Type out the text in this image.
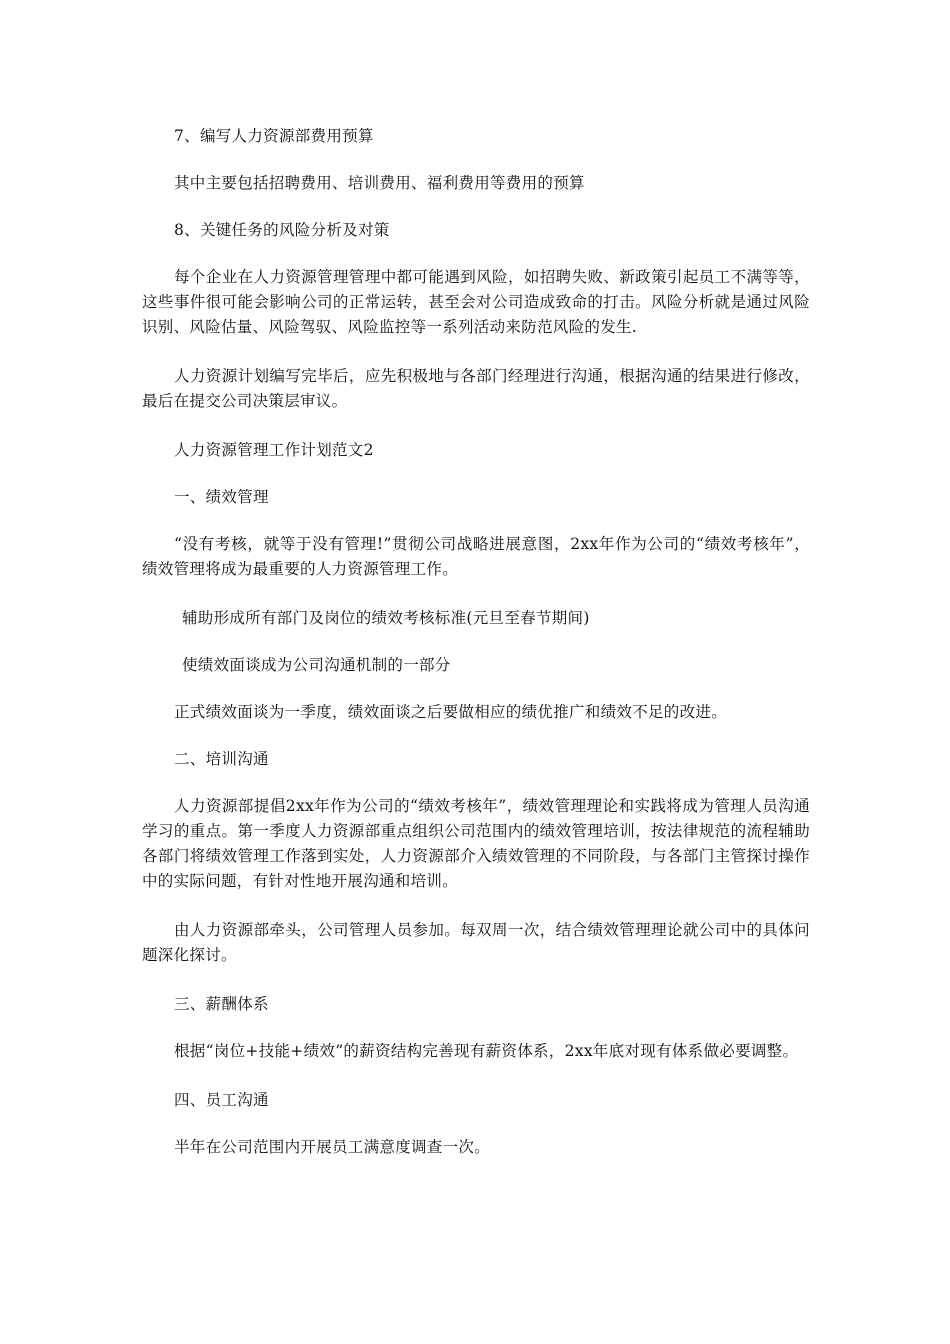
7、编写人力资源部费用预算

其中主要包括招聘费用、培训费用、福利费用等费用的预算

8、关键任务的风险分析及对策

每个企业在人力资源管理管理中都可能遇到风险，如招聘失败、新政策引起员工不满等等，这些事件很可能会影响公司的正常运转，甚至会对公司造成致命的打击。风险分析就是通过风险识别、风险估量、风险驾驭、风险监控等一系列活动来防范风险的发生.

人力资源计划编写完毕后，应先积极地与各部门经理进行沟通，根据沟通的结果进行修改，最后在提交公司决策层审议。

人力资源管理工作计划范文2

一、绩效管理

“没有考核，就等于没有管理!”贯彻公司战略进展意图，2xx年作为公司的“绩效考核年”，绩效管理将成为最重要的人力资源管理工作。

辅助形成所有部门及岗位的绩效考核标准(元旦至春节期间)

使绩效面谈成为公司沟通机制的一部分

正式绩效面谈为一季度，绩效面谈之后要做相应的绩优推广和绩效不足的改进。

二、培训沟通

人力资源部提倡2xx年作为公司的“绩效考核年”，绩效管理理论和实践将成为管理人员沟通学习的重点。第一季度人力资源部重点组织公司范围内的绩效管理培训，按法律规范的流程辅助各部门将绩效管理工作落到实处，人力资源部介入绩效管理的不同阶段，与各部门主管探讨操作中的实际问题，有针对性地开展沟通和培训。

由人力资源部牵头，公司管理人员参加。每双周一次，结合绩效管理理论就公司中的具体问题深化探讨。

三、薪酬体系

根据“岗位+技能+绩效”的薪资结构完善现有薪资体系，2xx年底对现有体系做必要调整。

四、员工沟通

半年在公司范围内开展员工满意度调查一次。
